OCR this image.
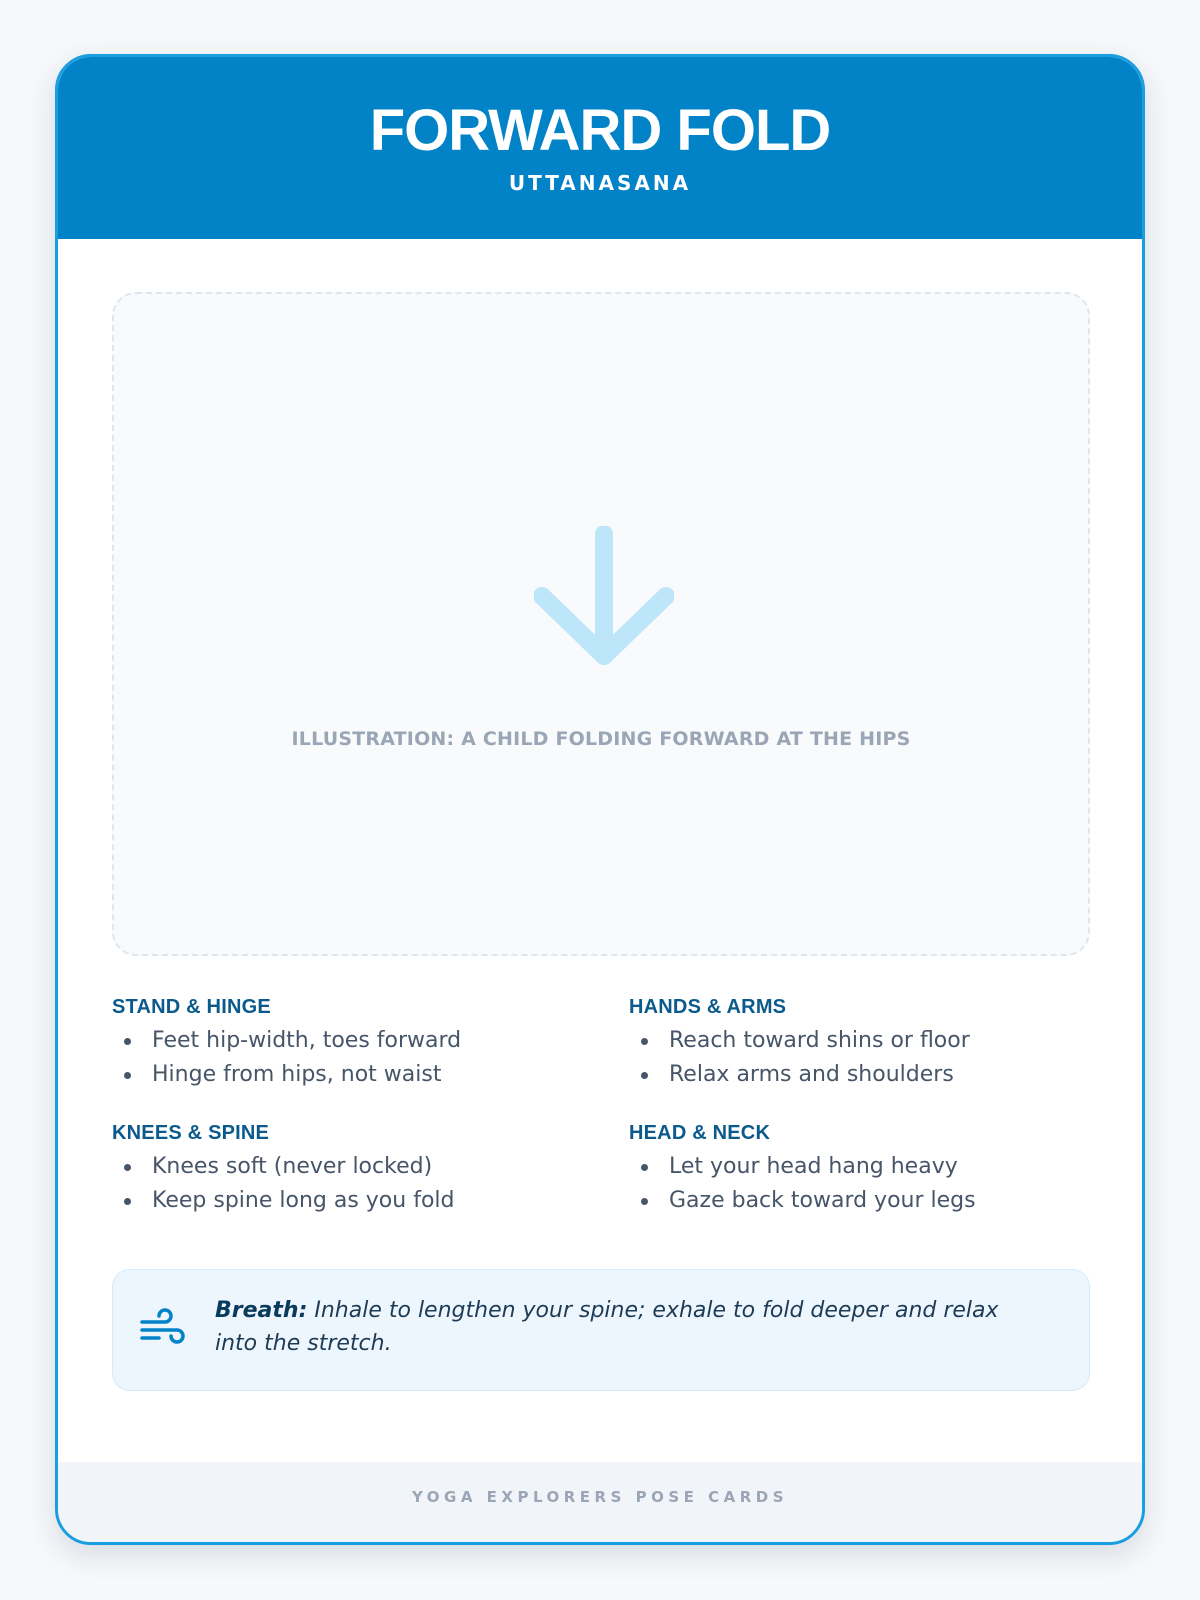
FORWARD FOLD
UTTANASANA
ILLUSTRATION: A CHILD FOLDING FORWARD AT THE HIPS
STAND & HINGE
Feet hip-width, toes forward
Hinge from hips, not waist
HANDS & ARMS
Reach toward shins or floor
Relax arms and shoulders
KNEES & SPINE
Knees soft (never locked)
Keep spine long as you fold
HEAD & NECK
Let your head hang heavy
Gaze back toward your legs
Breath: Inhale to lengthen your spine; exhale to fold deeper and relax into the stretch.
YOGA EXPLORERS POSE CARDS
